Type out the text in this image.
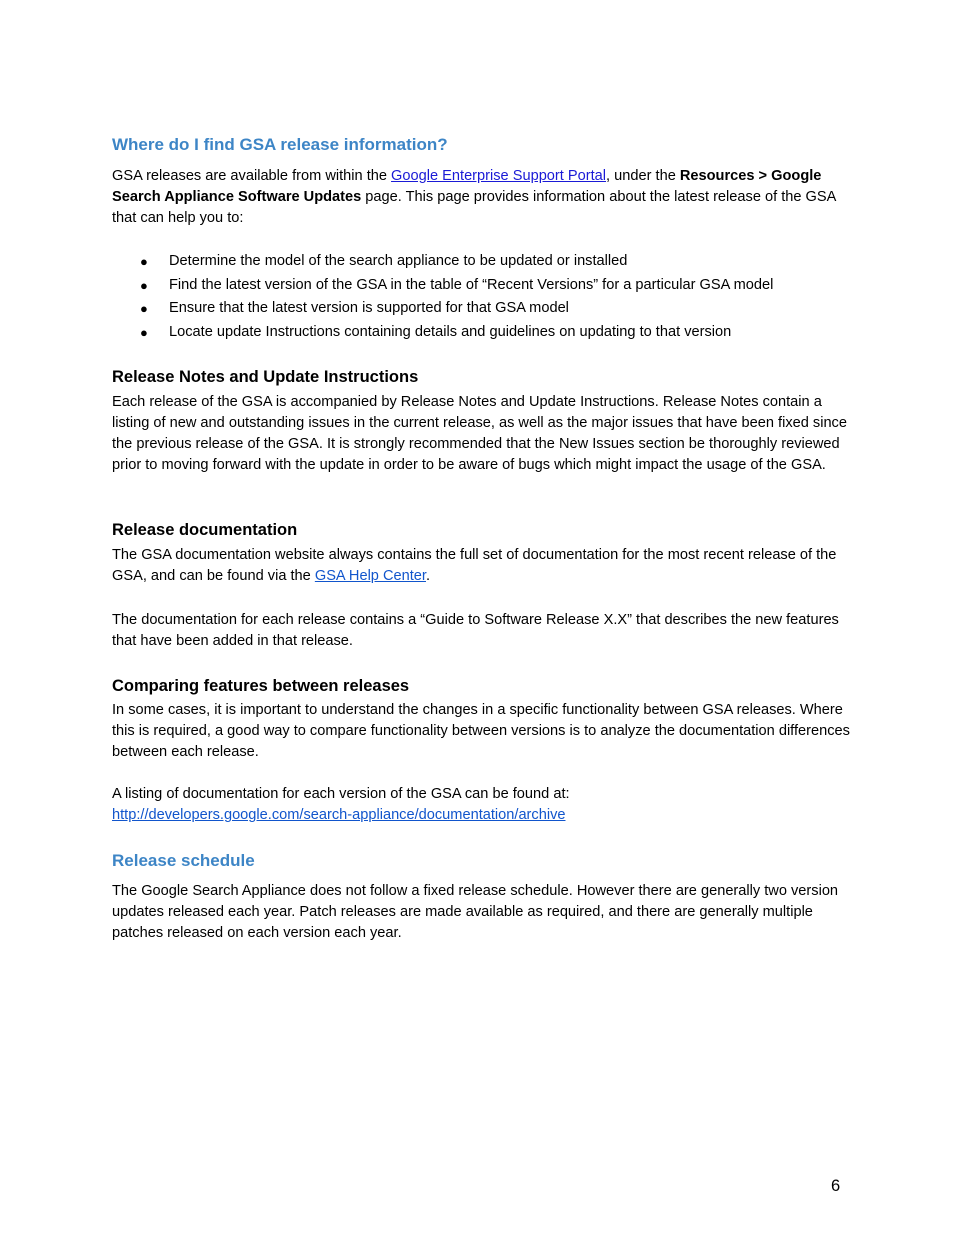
Where do I find GSA release information?

GSA releases are available from within the Google Enterprise Support Portal, under the Resources > Google Search Appliance Software Updates page. This page provides information about the latest release of the GSA that can help you to:

● Determine the model of the search appliance to be updated or installed
● Find the latest version of the GSA in the table of “Recent Versions” for a particular GSA model
● Ensure that the latest version is supported for that GSA model
● Locate update Instructions containing details and guidelines on updating to that version
Release Notes and Update Instructions

Each release of the GSA is accompanied by Release Notes and Update Instructions. Release Notes contain a listing of new and outstanding issues in the current release, as well as the major issues that have been fixed since the previous release of the GSA. It is strongly recommended that the New Issues section be thoroughly reviewed prior to moving forward with the update in order to be aware of bugs which might impact the usage of the GSA.

Release documentation

The GSA documentation website always contains the full set of documentation for the most recent release of the GSA, and can be found via the GSA Help Center.

The documentation for each release contains a “Guide to Software Release X.X” that describes the new features that have been added in that release.

Comparing features between releases

In some cases, it is important to understand the changes in a specific functionality between GSA releases. Where this is required, a good way to compare functionality between versions is to analyze the documentation differences between each release.

A listing of documentation for each version of the GSA can be found at:
http://developers.google.com/search-appliance/documentation/archive

Release schedule

The Google Search Appliance does not follow a fixed release schedule. However there are generally two version updates released each year. Patch releases are made available as required, and there are generally multiple patches released on each version each year.

6
